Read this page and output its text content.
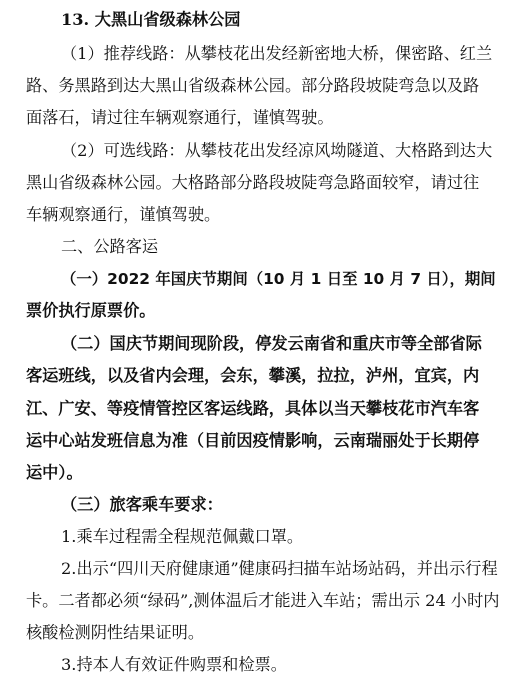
13. 大黑山省级森林公园
（1）推荐线路：从攀枝花出发经新密地大桥，倮密路、红兰
路、务黑路到达大黑山省级森林公园。部分路段坡陡弯急以及路
面落石，请过往车辆观察通行，谨慎驾驶。
（2）可选线路：从攀枝花出发经凉风坳隧道、大格路到达大
黑山省级森林公园。大格路部分路段坡陡弯急路面较窄，请过往
车辆观察通行，谨慎驾驶。
二、公路客运
（一）2022 年国庆节期间（10 月 1 日至 10 月 7 日），期间
票价执行原票价。
（二）国庆节期间现阶段，停发云南省和重庆市等全部省际
客运班线，以及省内会理，会东，攀溪，拉拉，泸州，宜宾，内
江、广安、等疫情管控区客运线路，具体以当天攀枝花市汽车客
运中心站发班信息为准（目前因疫情影响，云南瑞丽处于长期停
运中）。
（三）旅客乘车要求：
1.乘车过程需全程规范佩戴口罩。
2.出示“四川天府健康通”健康码扫描车站场站码，并出示行程
卡。二者都必须“绿码”,测体温后才能进入车站；需出示 24 小时内
核酸检测阴性结果证明。
3.持本人有效证件购票和检票。
